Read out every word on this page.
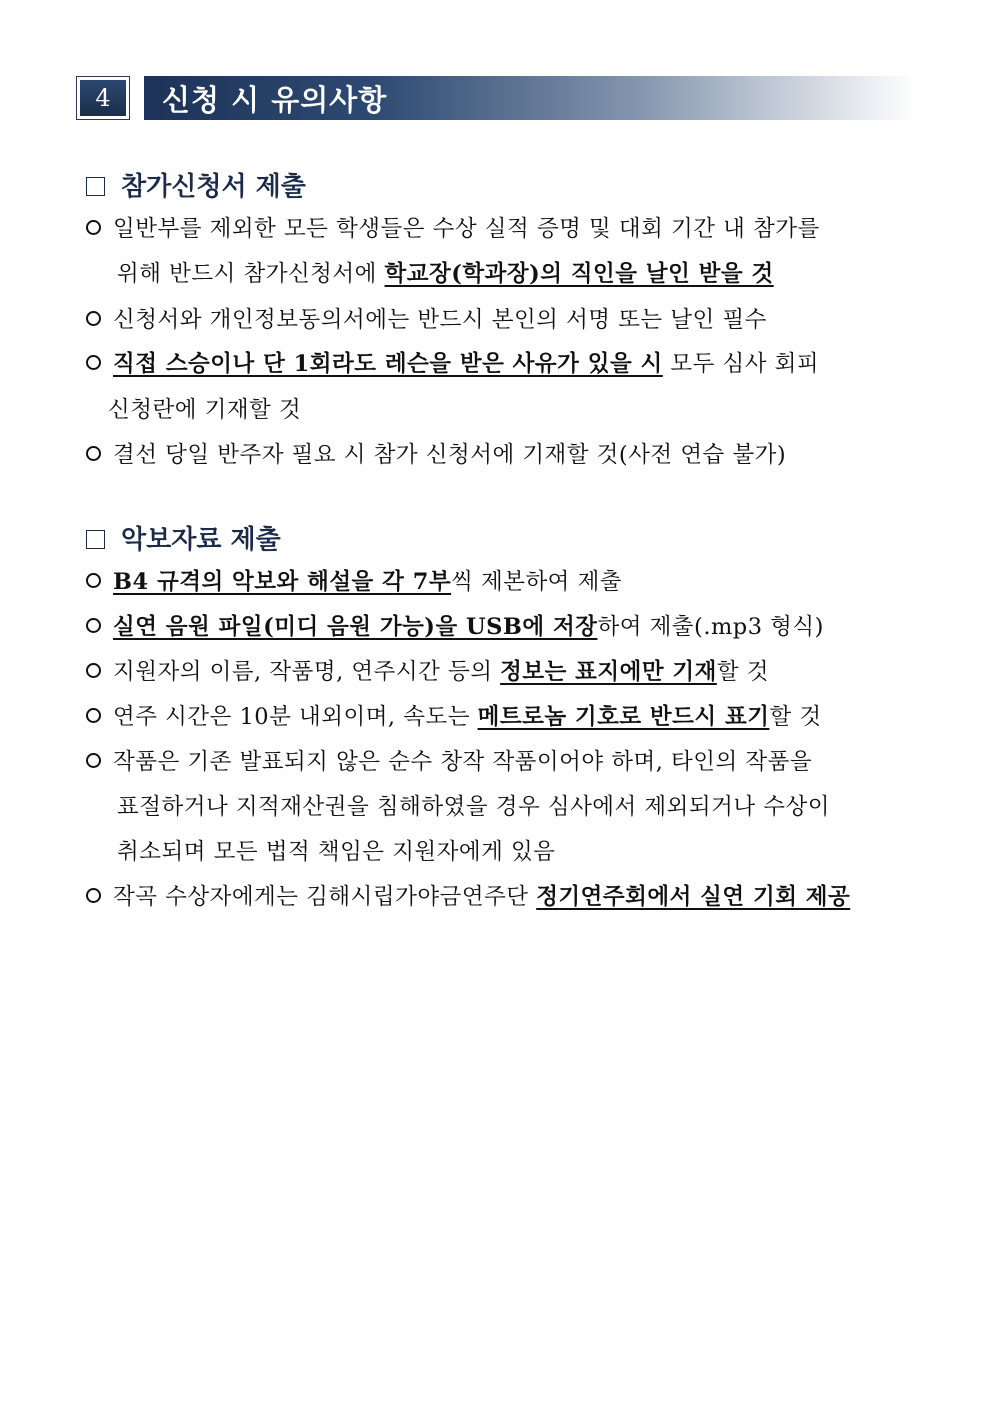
4	신청 시 유의사항
참가신청서 제출
일반부를 제외한 모든 학생들은 수상 실적 증명 및 대회 기간 내 참가를
위해 반드시 참가신청서에 학교장(학과장)의 직인을 날인 받을 것
신청서와 개인정보동의서에는 반드시 본인의 서명 또는 날인 필수
직접 스승이나 단 1회라도 레슨을 받은 사유가 있을 시 모두 심사 회피
신청란에 기재할 것
결선 당일 반주자 필요 시 참가 신청서에 기재할 것(사전 연습 불가)
악보자료 제출
B4 규격의 악보와 해설을 각 7부씩 제본하여 제출
실연 음원 파일(미디 음원 가능)을 USB에 저장하여 제출(.mp3 형식)
지원자의 이름, 작품명, 연주시간 등의 정보는 표지에만 기재할 것
연주 시간은 10분 내외이며, 속도는 메트로놈 기호로 반드시 표기할 것
작품은 기존 발표되지 않은 순수 창작 작품이어야 하며, 타인의 작품을
표절하거나 지적재산권을 침해하였을 경우 심사에서 제외되거나 수상이
취소되며 모든 법적 책임은 지원자에게 있음
작곡 수상자에게는 김해시립가야금연주단 정기연주회에서 실연 기회 제공
